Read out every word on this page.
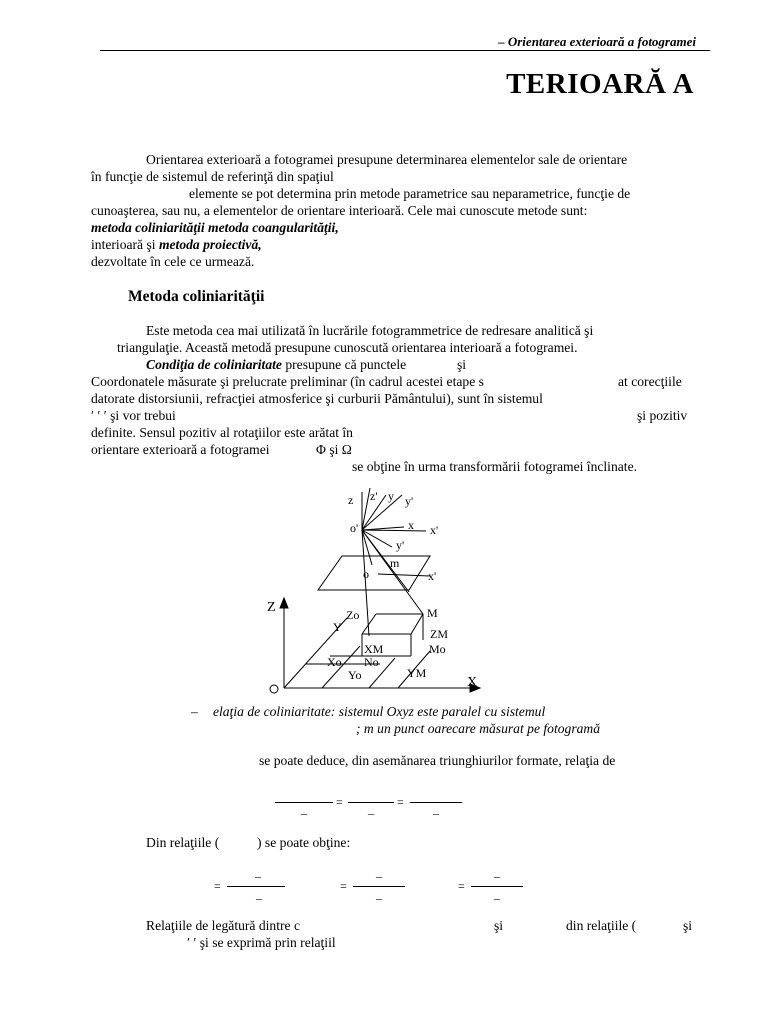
– Orientarea exterioară a fotogramei
TERIOARĂ A
Orientarea exterioară a fotogramei presupune determinarea elementelor sale de orientare
în funcţie de sistemul de referinţă din spaţiul
elemente se pot determina prin metode parametrice sau neparametrice, funcţie de
cunoaşterea, sau nu, a elementelor de orientare interioară. Cele mai cunoscute metode sunt:
metoda coliniarităţii metoda coangularităţii,
interioară şi metoda proiectivă,
dezvoltate în cele ce urmează.
Metoda coliniarităţii
Este metoda cea mai utilizată în lucrările fotogrammetrice de redresare analitică şi
triangulaţie. Această metodă presupune cunoscută orientarea interioară a fotogramei.
Condiţia de coliniaritate presupune că punctele	şi
Coordonatele măsurate şi prelucrate preliminar (în cadrul acestei etape s	at corecţiile
datorate distorsiunii, refracţiei atmosferice şi curburii Pământului), sunt în sistemul
′ ′ ′ şi vor trebui	şi pozitiv
definite. Sensul pozitiv al rotaţiilor este arătat în
orientare exterioară a fotogramei	Φ şi Ω
se obţine în urma transformării fotogramei înclinate.
z z' y y'
o'	x x'
y'
o
m
x'
Z	Zo
Y
M
ZM
XM	Mo
Xo No
Yo	YM
X
– elaţia de coliniaritate: sistemul Oxyz este paralel cu sistemul
; m un punct oarecare măsurat pe fotogramă
se poate deduce, din asemănarea triunghiurilor formate, relaţia de
=	=
–	–	–
Din relaţiile (	) se poate obţine:
–	–	–
=	=	=
–	–	–
Relaţiile de legătură dintre c	şi	din relaţiile (	şi
′ ′ şi se exprimă prin relaţiil
